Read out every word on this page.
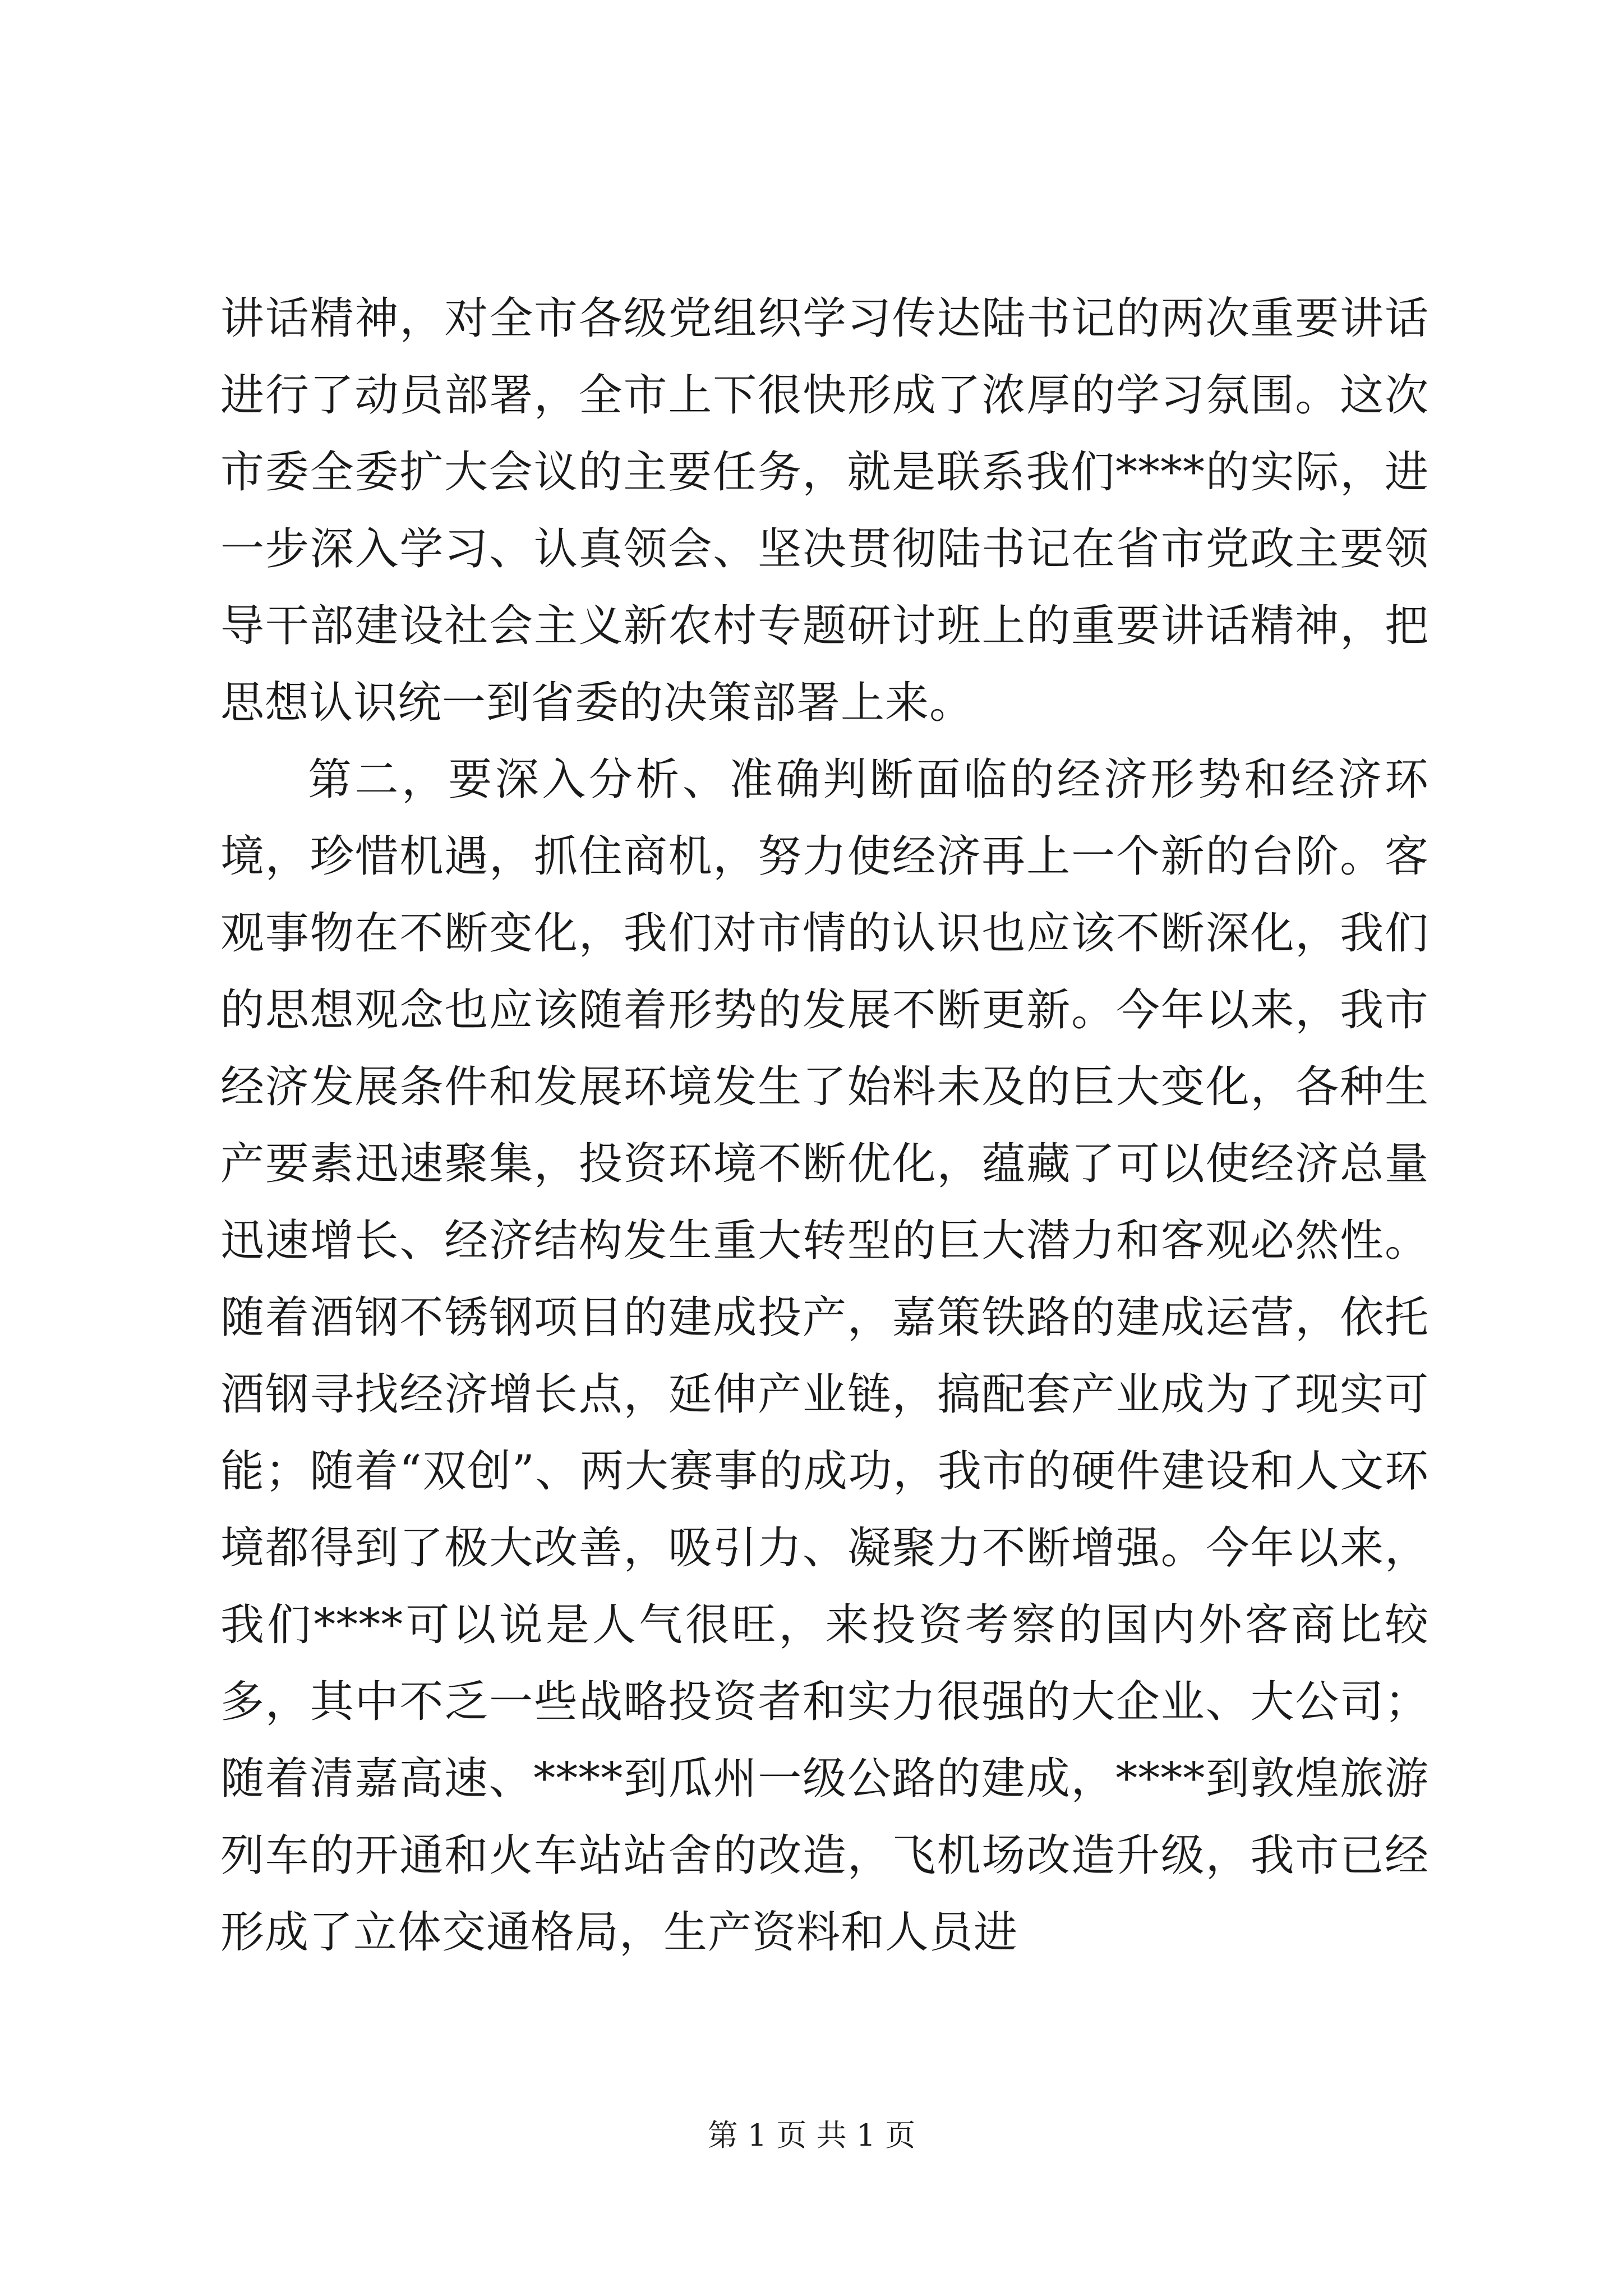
讲话精神，对全市各级党组织学习传达陆书记的两次重要讲话进行了动员部署，全市上下很快形成了浓厚的学习氛围。这次市委全委扩大会议的主要任务，就是联系我们****的实际，进一步深入学习、认真领会、坚决贯彻陆书记在省市党政主要领导干部建设社会主义新农村专题研讨班上的重要讲话精神，把思想认识统一到省委的决策部署上来。

第二，要深入分析、准确判断面临的经济形势和经济环境，珍惜机遇，抓住商机，努力使经济再上一个新的台阶。客观事物在不断变化，我们对市情的认识也应该不断深化，我们的思想观念也应该随着形势的发展不断更新。今年以来，我市经济发展条件和发展环境发生了始料未及的巨大变化，各种生产要素迅速聚集，投资环境不断优化，蕴藏了可以使经济总量迅速增长、经济结构发生重大转型的巨大潜力和客观必然性。随着酒钢不锈钢项目的建成投产，嘉策铁路的建成运营，依托酒钢寻找经济增长点，延伸产业链，搞配套产业成为了现实可能；随着“双创”、两大赛事的成功，我市的硬件建设和人文环境都得到了极大改善，吸引力、凝聚力不断增强。今年以来，我们****可以说是人气很旺，来投资考察的国内外客商比较多，其中不乏一些战略投资者和实力很强的大企业、大公司；随着清嘉高速、****到瓜州一级公路的建成，****到敦煌旅游列车的开通和火车站站舍的改造，飞机场改造升级，我市已经形成了立体交通格局，生产资料和人员进

第 1 页 共 1 页
